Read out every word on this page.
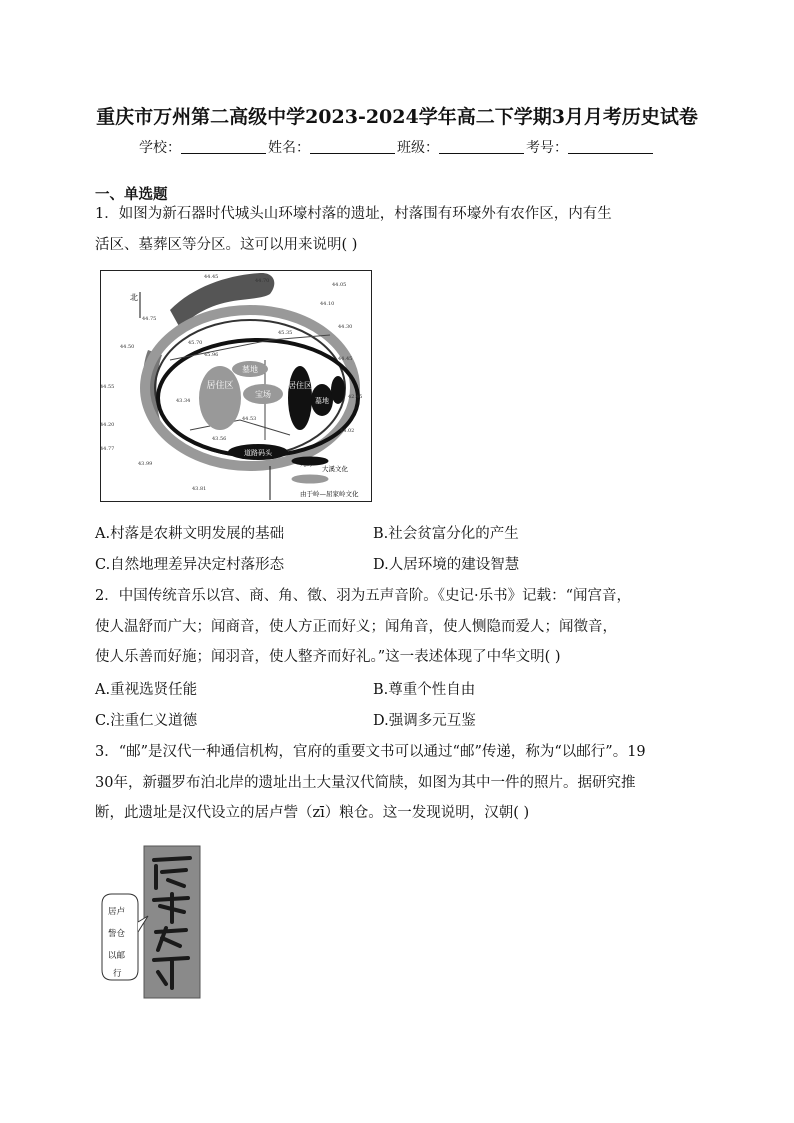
重庆市万州第二高级中学2023-2024学年高二下学期3月月考历史试卷
学校：	姓名：	班级：	考号：
一、单选题
1．如图为新石器时代城头山环壕村落的遗址，村落围有环壕外有农作区，内有生
活区、墓葬区等分区。这可以用来说明( )
居住区
墓地
宝场
居住区
墓地
道路码头
北
44.45
44.70
44.05
44.75
44.10
45.35
44.30
45.70
44.50
44.55
44.45
44.20
44.02
44.77
43.99
43.81
42.45
43.34
43.56
44.53
45.96
大溪文化
由于岭—屈家岭文化
A.村落是农耕文明发展的基础	B.社会贫富分化的产生
C.自然地理差异决定村落形态	D.人居环境的建设智慧
2．中国传统音乐以宫、商、角、徵、羽为五声音阶。《史记·乐书》记载：“闻宫音，
使人温舒而广大；闻商音，使人方正而好义；闻角音，使人恻隐而爱人；闻徵音，
使人乐善而好施；闻羽音，使人整齐而好礼。”这一表述体现了中华文明( )
A.重视选贤任能	B.尊重个性自由
C.注重仁义道德	D.强调多元互鉴
3．“邮”是汉代一种通信机构，官府的重要文书可以通过“邮”传递，称为“以邮行”。19
30年，新疆罗布泊北岸的遗址出土大量汉代简牍，如图为其中一件的照片。据研究推
断，此遗址是汉代设立的居卢訾（zī）粮仓。这一发现说明，汉朝( )
居卢
訾仓
以邮
行
